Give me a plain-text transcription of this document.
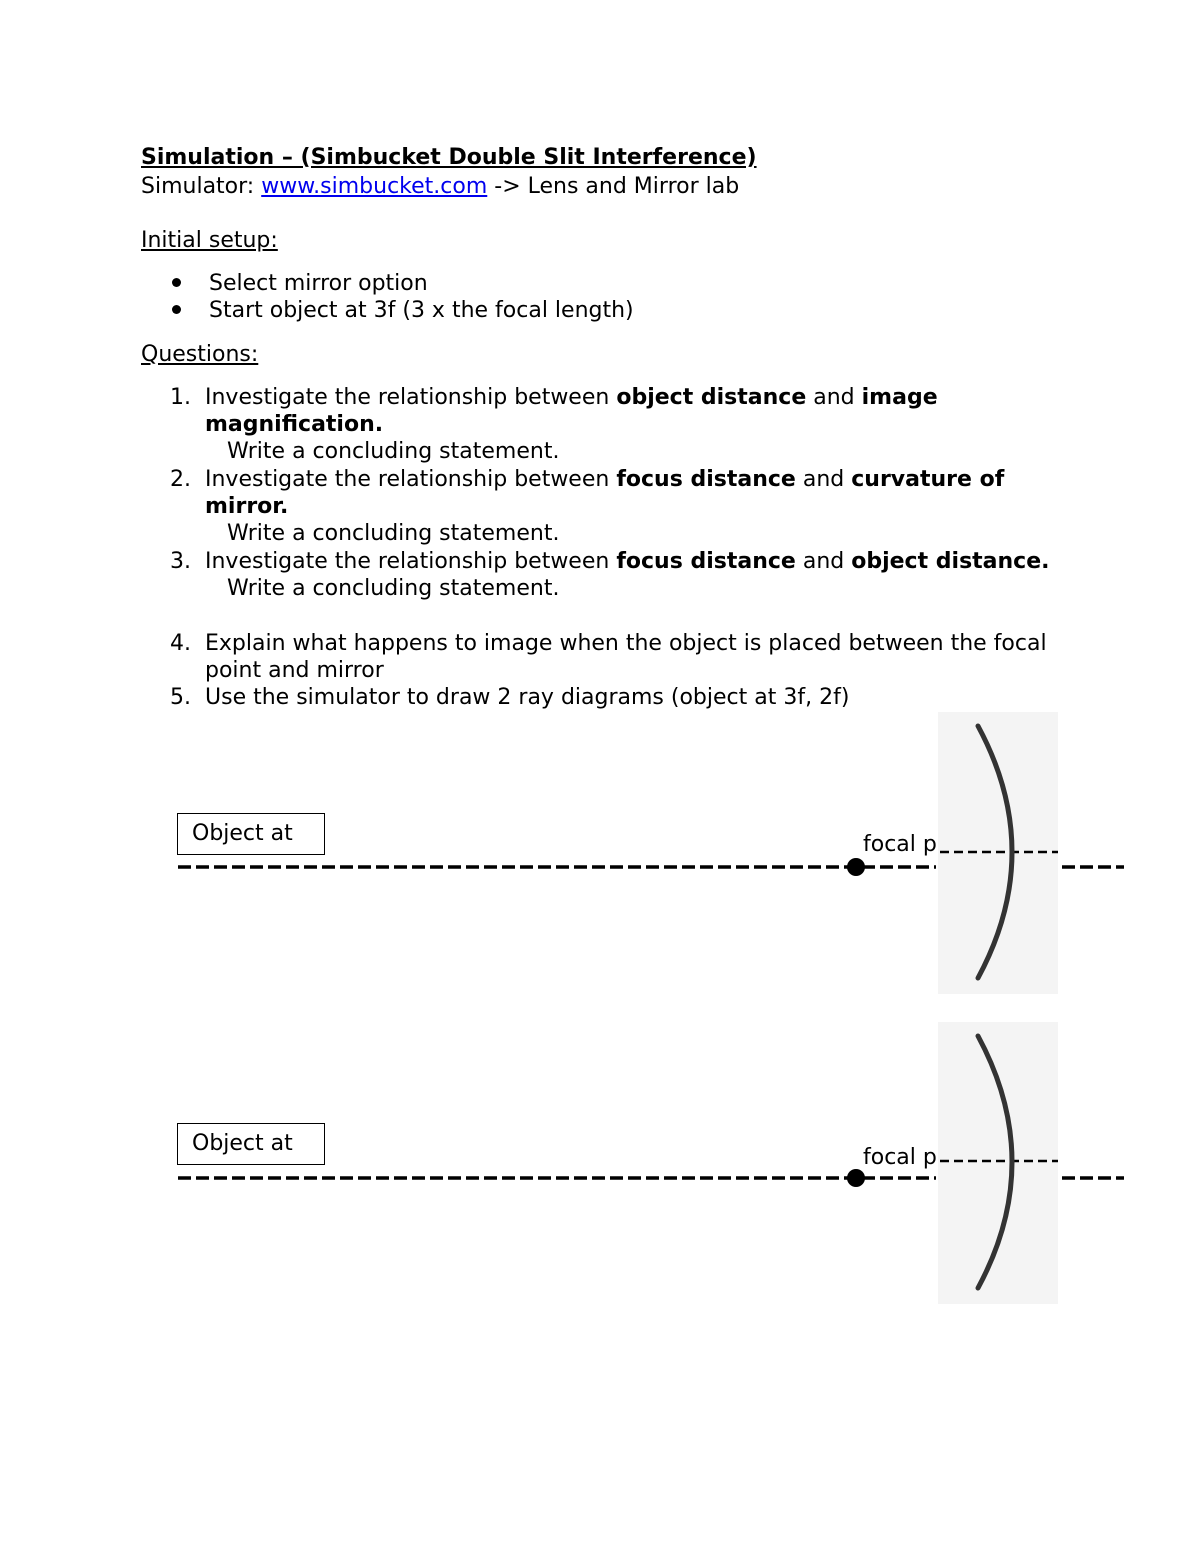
Simulation – (Simbucket Double Slit Interference)
Simulator: www.simbucket.com -> Lens and Mirror lab
Initial setup:
Select mirror option
Start object at 3f (3 x the focal length)
Questions:
1. Investigate the relationship between object distance and image magnification.
Write a concluding statement.
2. Investigate the relationship between focus distance and curvature of mirror.
Write a concluding statement.
3. Investigate the relationship between focus distance and object distance.
Write a concluding statement.
4. Explain what happens to image when the object is placed between the focal point and mirror
5. Use the simulator to draw 2 ray diagrams (object at 3f, 2f)
Object at	focal p
Object at
focal p
